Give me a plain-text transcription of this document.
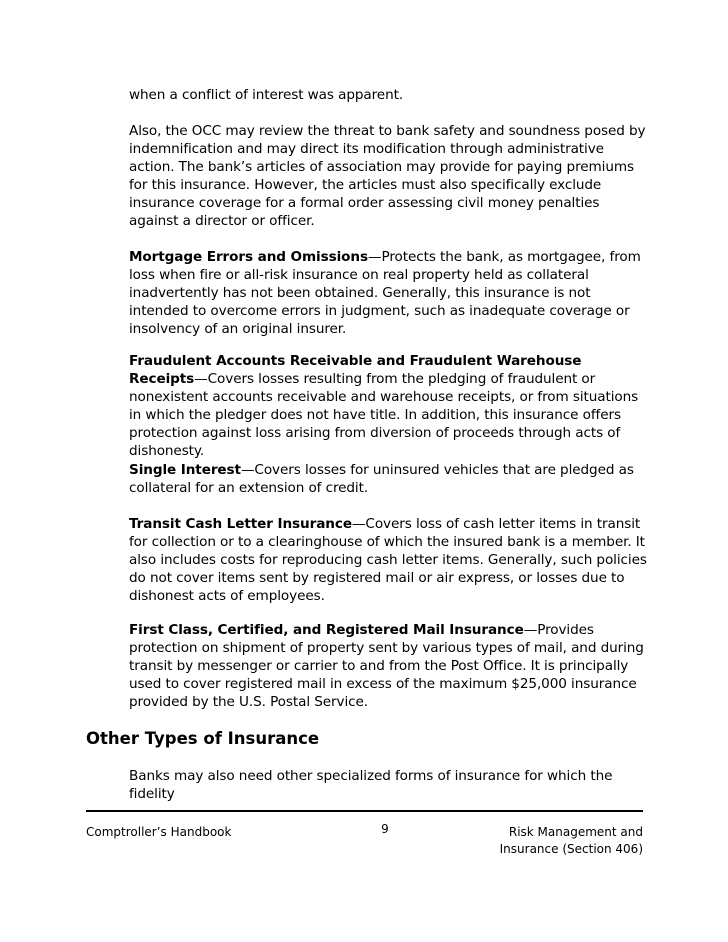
when a conflict of interest was apparent.
Also, the OCC may review the threat to bank safety and soundness posed by indemnification and may direct its modification through administrative action. The bank’s articles of association may provide for paying premiums for this insurance. However, the articles must also specifically exclude insurance coverage for a formal order assessing civil money penalties against a director or officer.
Mortgage Errors and Omissions—Protects the bank, as mortgagee, from loss when fire or all-risk insurance on real property held as collateral inadvertently has not been obtained. Generally, this insurance is not intended to overcome errors in judgment, such as inadequate coverage or insolvency of an original insurer.
Fraudulent Accounts Receivable and Fraudulent Warehouse Receipts—Covers losses resulting from the pledging of fraudulent or nonexistent accounts receivable and warehouse receipts, or from situations in which the pledger does not have title. In addition, this insurance offers protection against loss arising from diversion of proceeds through acts of dishonesty.
Single Interest—Covers losses for uninsured vehicles that are pledged as collateral for an extension of credit.
Transit Cash Letter Insurance—Covers loss of cash letter items in transit for collection or to a clearinghouse of which the insured bank is a member. It also includes costs for reproducing cash letter items. Generally, such policies do not cover items sent by registered mail or air express, or losses due to dishonest acts of employees.
First Class, Certified, and Registered Mail Insurance—Provides protection on shipment of property sent by various types of mail, and during transit by messenger or carrier to and from the Post Office. It is principally used to cover registered mail in excess of the maximum $25,000 insurance provided by the U.S. Postal Service.
Other Types of Insurance
Banks may also need other specialized forms of insurance for which the fidelity
Comptroller’s Handbook	9	Risk Management and
Insurance (Section 406)
